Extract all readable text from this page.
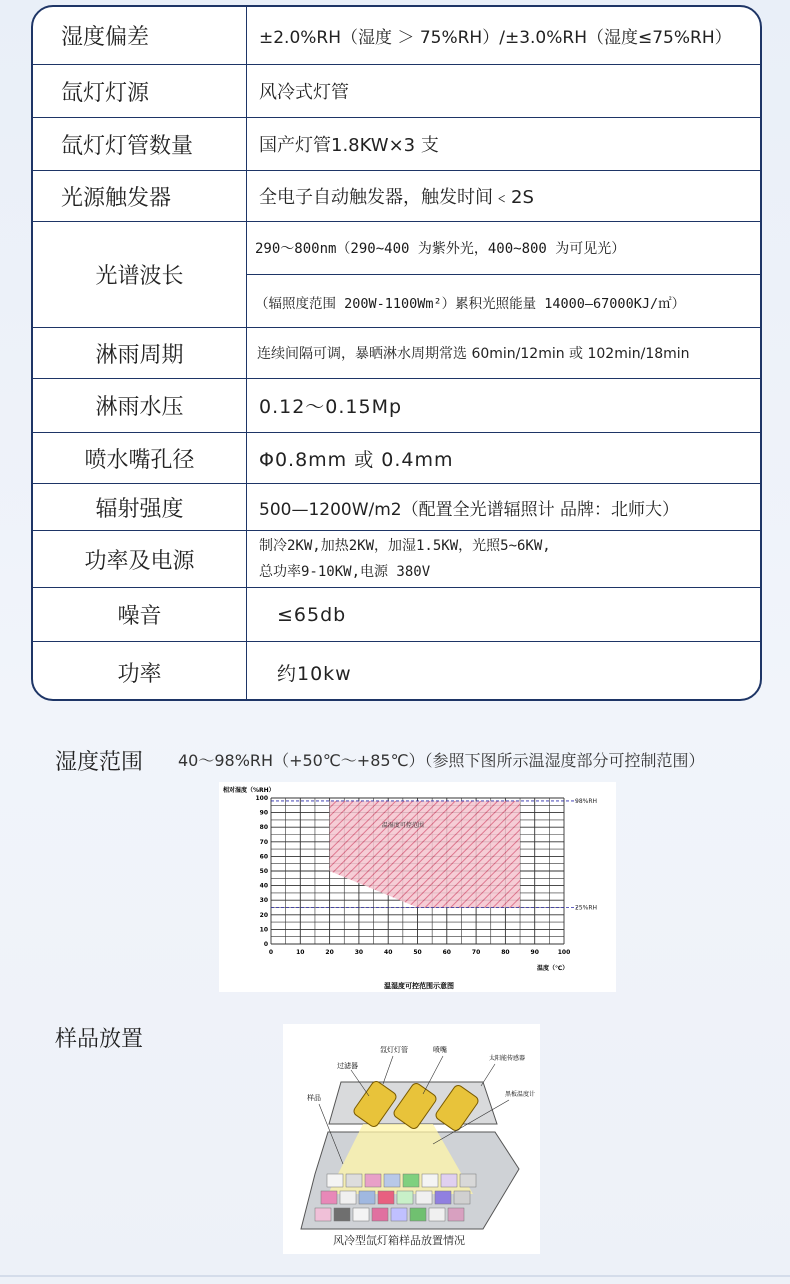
湿度偏差	±2.0%RH（湿度 ＞ 75%RH）/±3.0%RH（湿度≤75%RH）
氙灯灯源	风冷式灯管
氙灯灯管数量	国产灯管1.8KW×3 支
光源触发器	全电子自动触发器，触发时间﹤2S
光谱波长
290～800nm（290~400 为紫外光，400~800 为可见光）
（辐照度范围 200W-1100Wm²）累积光照能量 14000—67000KJ/㎡）
淋雨周期	连续间隔可调，暴晒淋水周期常选 60min/12min 或 102min/18min
淋雨水压	0.12～0.15Mp
喷水嘴孔径	Φ0.8mm 或 0.4mm
辐射强度	500—1200W/m2（配置全光谱辐照计 品牌：北师大）
功率及电源
制冷2KW,加热2KW，加湿1.5KW，光照5~6KW,
总功率9-10KW,电源 380V
噪音	≤65db
功率	约10kw
湿度范围 40～98%RH（+50℃～+85℃）（参照下图所示温湿度部分可控制范围）
温湿度可控范围
98%RH
25%RH
0	10	20	30	40	50	60	70	80	90	100
0
10
20
30
40
50
60
70
80
90
100
相对湿度（%RH）
温度（℃）
温湿度可控范围示意图
样品放置	氙灯灯管	喷嘴
过滤器
太阳能传感器
样品	黑板温度计
风冷型氙灯箱样品放置情况
